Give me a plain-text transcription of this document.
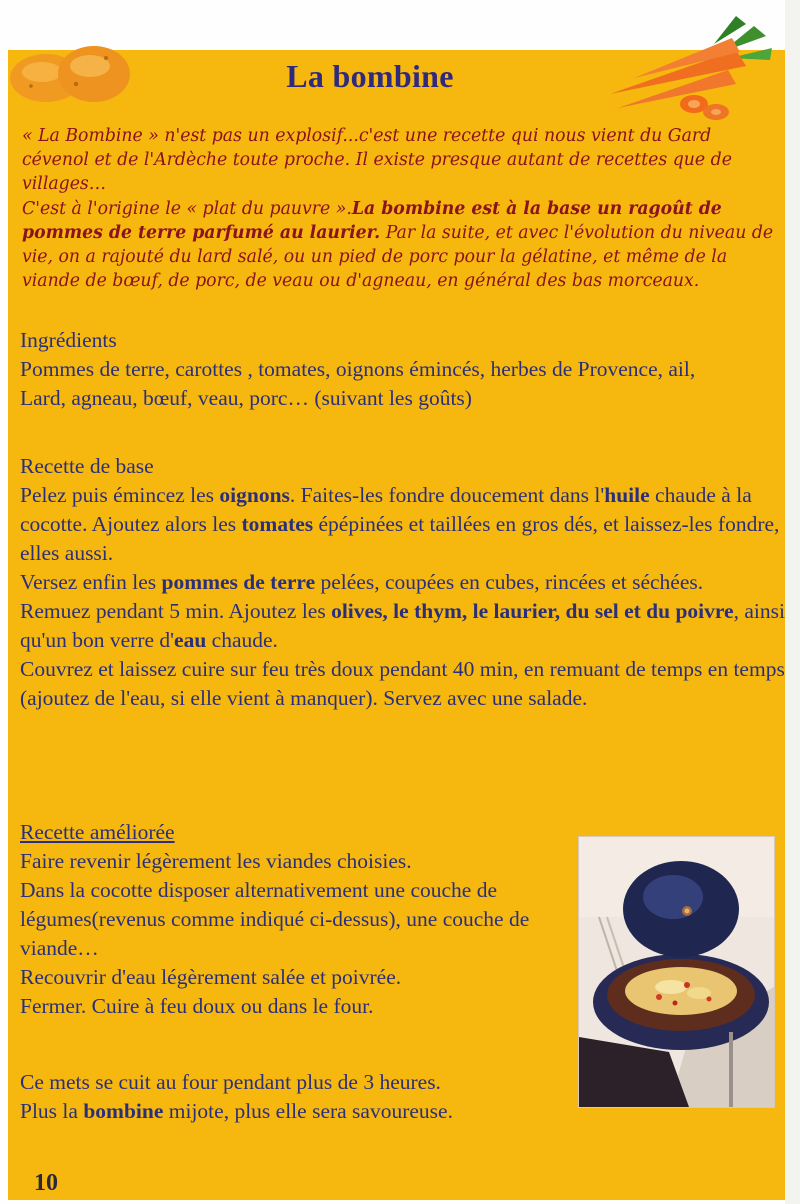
La bombine

« La Bombine » n'est pas un explosif...c'est une recette qui nous vient du Gard cévenol et de l'Ardèche toute proche. Il existe presque autant de recettes que de villages…

C'est à l'origine le « plat du pauvre ».La bombine est à la base un ragoût de pommes de terre parfumé au laurier. Par la suite, et avec l'évolution du niveau de vie, on a rajouté du lard salé, ou un pied de porc pour la gélatine, et même de la viande de bœuf, de porc, de veau ou d'agneau, en général des bas morceaux.

Ingrédients

Pommes de terre, carottes , tomates, oignons émincés, herbes de Provence, ail,

Lard, agneau, bœuf, veau, porc… (suivant les goûts)

Recette de base

Pelez puis émincez les oignons. Faites-les fondre doucement dans l'huile chaude à la cocotte. Ajoutez alors les tomates épépinées et taillées en gros dés, et laissez-les fondre, elles aussi.

Versez enfin les pommes de terre pelées, coupées en cubes, rincées et séchées.

Remuez pendant 5 min. Ajoutez les olives, le thym, le laurier, du sel et du poivre, ainsi qu'un bon verre d'eau chaude.

Couvrez et laissez cuire sur feu très doux pendant 40 min, en remuant de temps en temps (ajoutez de l'eau, si elle vient à manquer). Servez avec une salade.

Recette améliorée

Faire revenir légèrement les viandes choisies.

Dans la cocotte disposer alternativement une couche de légumes(revenus comme indiqué ci-dessus), une couche de viande…

Recouvrir d'eau légèrement salée et poivrée.

Fermer. Cuire à feu doux ou dans le four.

Ce mets se cuit au four pendant plus de 3 heures.

Plus la bombine mijote, plus elle sera savoureuse.

10
